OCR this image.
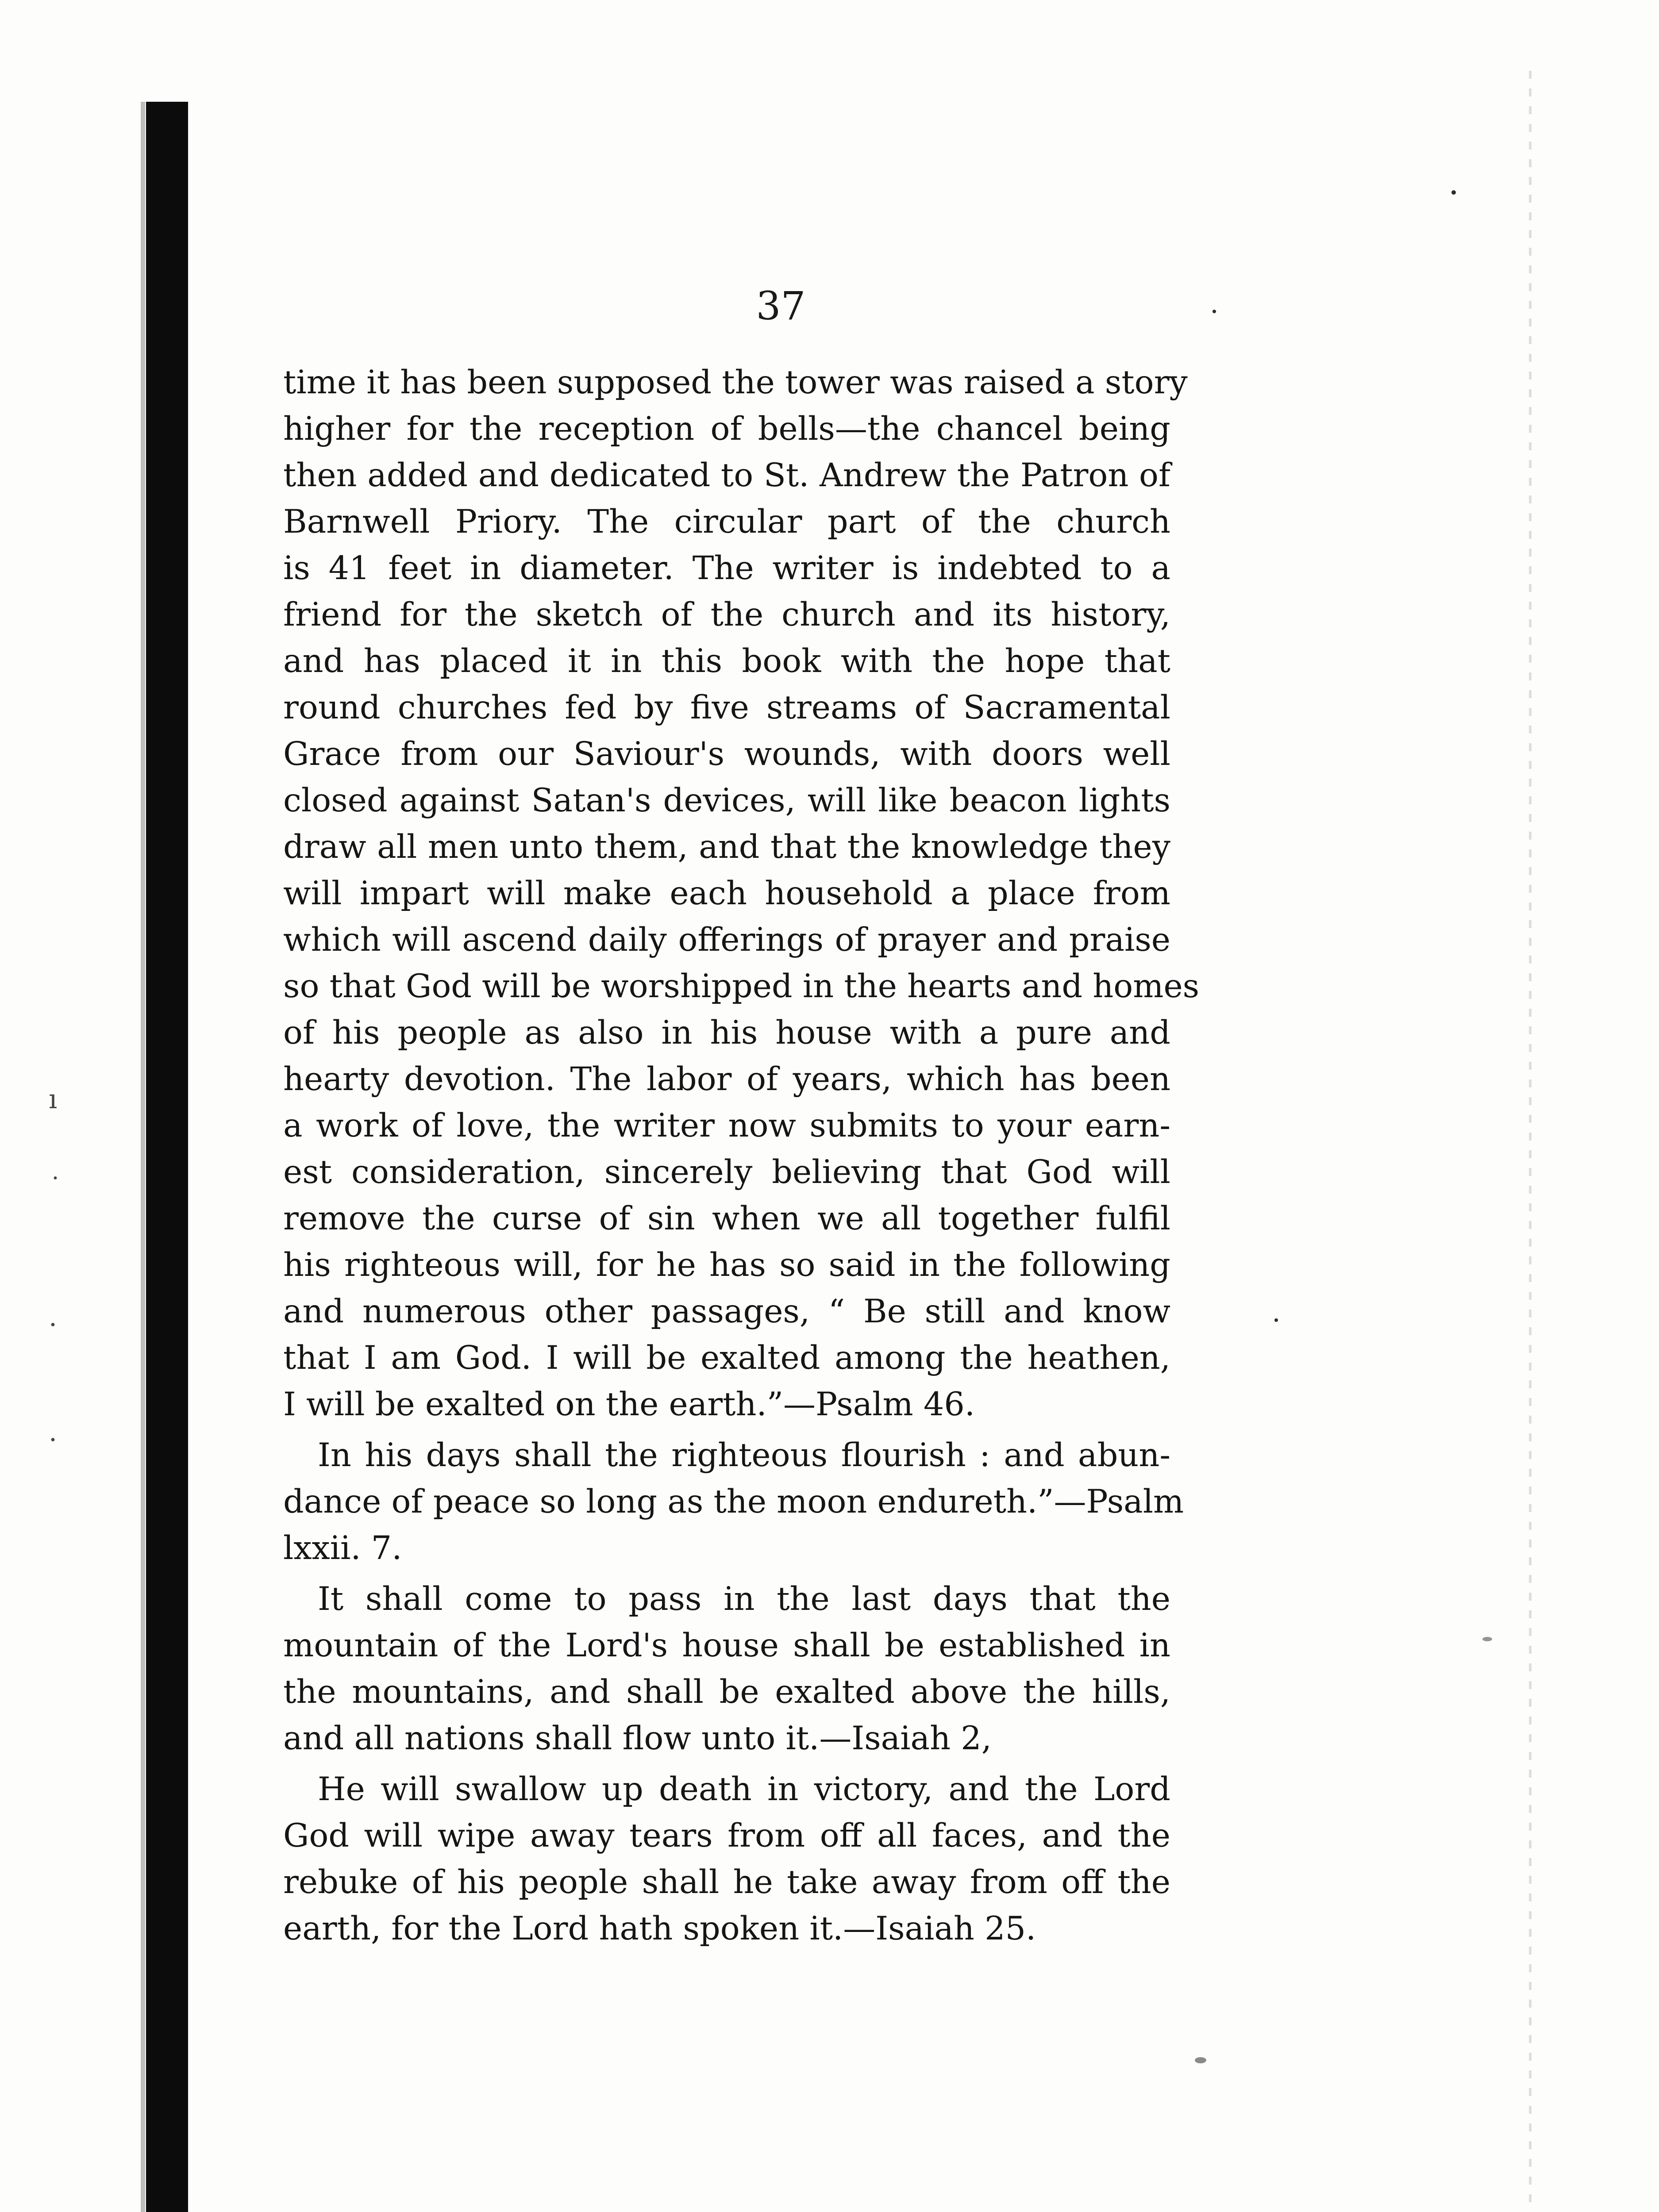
ı
˙
·
·
37

time it has been supposed the tower was raised a story
higher for the reception of bells—the chancel being
then added and dedicated to St. Andrew the Patron of
Barnwell Priory. The circular part of the church
is 41 feet in diameter. The writer is indebted to a
friend for the sketch of the church and its history,
and has placed it in this book with the hope that
round churches fed by five streams of Sacramental
Grace from our Saviour's wounds, with doors well
closed against Satan's devices, will like beacon lights
draw all men unto them, and that the knowledge they
will impart will make each household a place from
which will ascend daily offerings of prayer and praise
so that God will be worshipped in the hearts and homes
of his people as also in his house with a pure and
hearty devotion. The labor of years, which has been
a work of love, the writer now submits to your earn-
est consideration, sincerely believing that God will
remove the curse of sin when we all together fulfil
his righteous will, for he has so said in the following
and numerous other passages, “ Be still and know
that I am God. I will be exalted among the heathen,
I will be exalted on the earth.”—Psalm 46.

In his days shall the righteous flourish : and abun-
dance of peace so long as the moon endureth.”—Psalm
lxxii. 7.

It shall come to pass in the last days that the
mountain of the Lord's house shall be established in
the mountains, and shall be exalted above the hills,
and all nations shall flow unto it.—Isaiah 2,

He will swallow up death in victory, and the Lord
God will wipe away tears from off all faces, and the
rebuke of his people shall he take away from off the
earth, for the Lord hath spoken it.—Isaiah 25.
